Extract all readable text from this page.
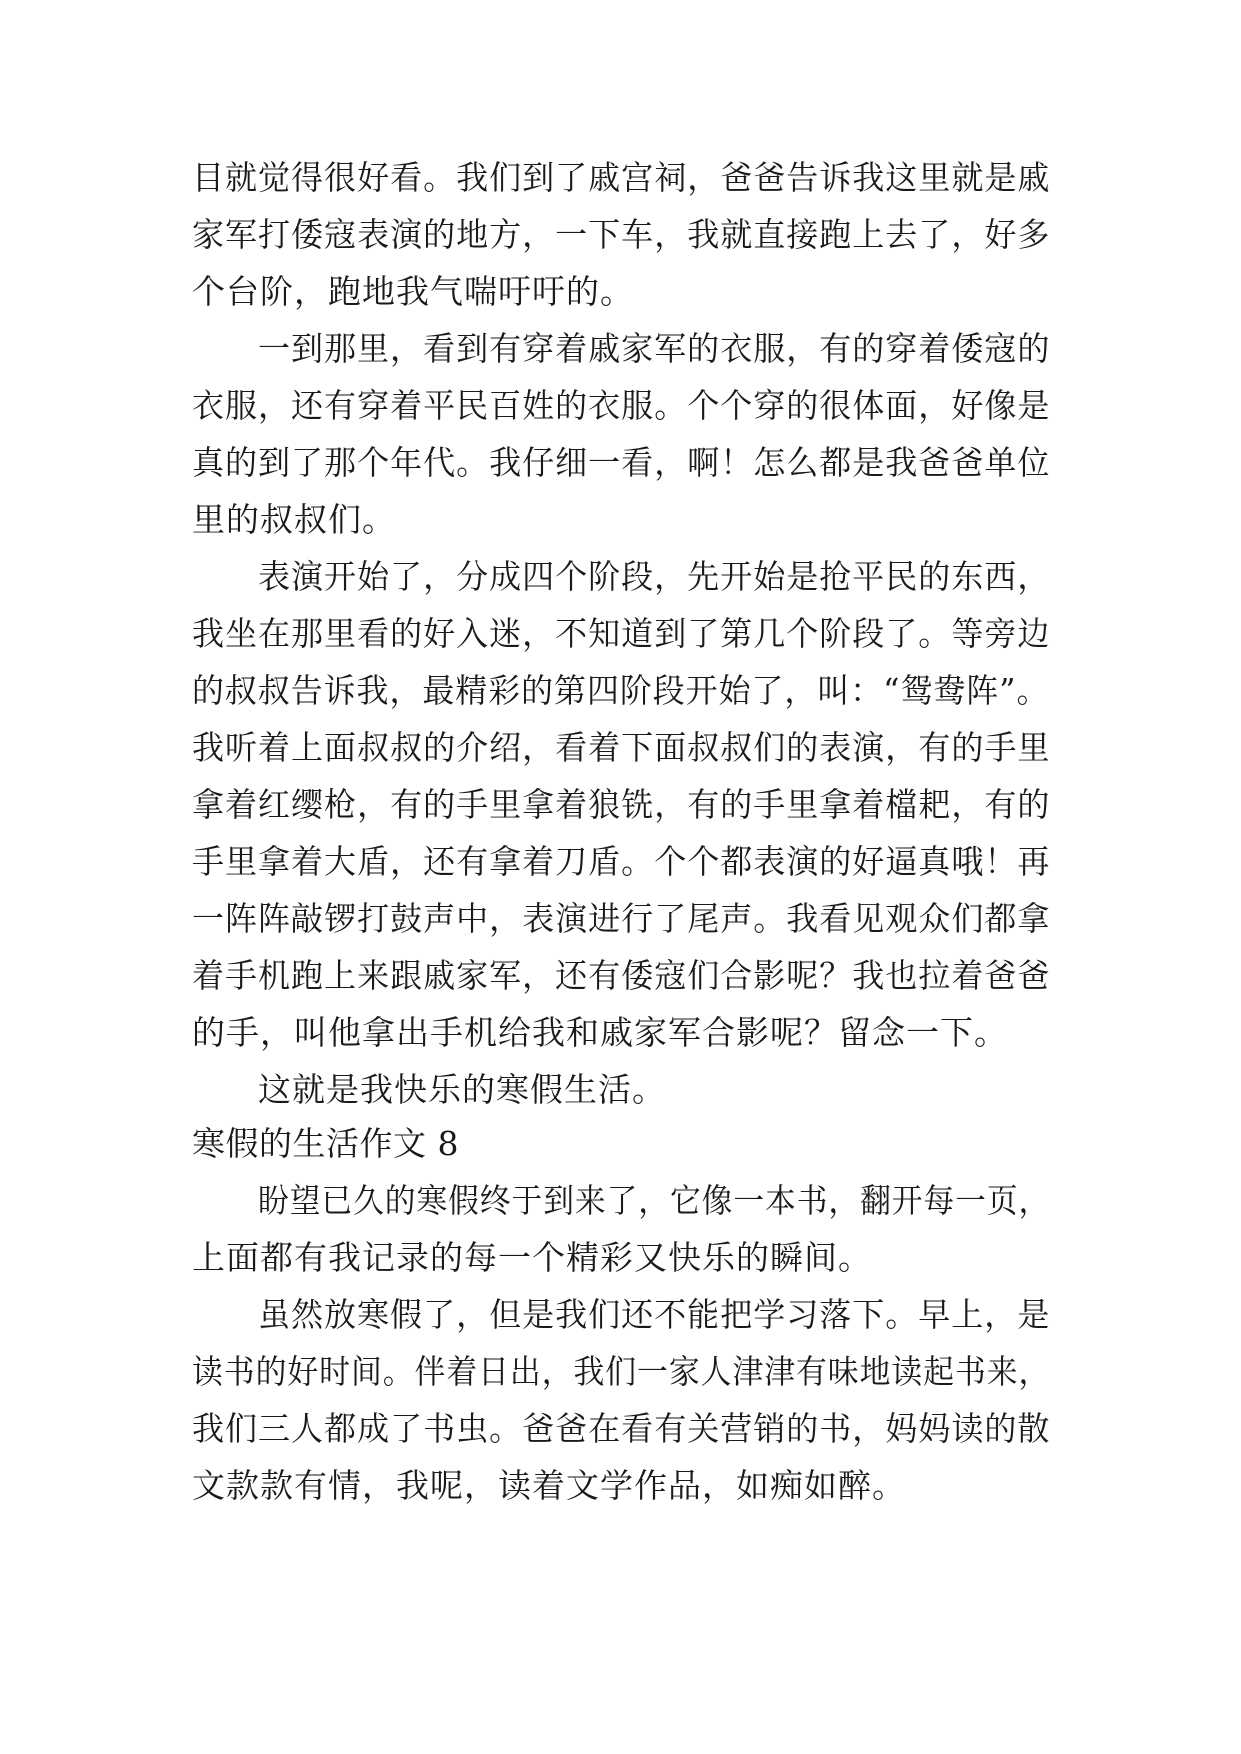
目就觉得很好看。我们到了戚宫祠，爸爸告诉我这里就是戚
家军打倭寇表演的地方，一下车，我就直接跑上去了，好多
个台阶，跑地我气喘吁吁的。
一到那里，看到有穿着戚家军的衣服，有的穿着倭寇的
衣服，还有穿着平民百姓的衣服。个个穿的很体面，好像是
真的到了那个年代。我仔细一看，啊！怎么都是我爸爸单位
里的叔叔们。
表演开始了，分成四个阶段，先开始是抢平民的东西，
我坐在那里看的好入迷，不知道到了第几个阶段了。等旁边
的叔叔告诉我，最精彩的第四阶段开始了，叫：“鸳鸯阵”。
我听着上面叔叔的介绍，看着下面叔叔们的表演，有的手里
拿着红缨枪，有的手里拿着狼铣，有的手里拿着檔耙，有的
手里拿着大盾，还有拿着刀盾。个个都表演的好逼真哦！再
一阵阵敲锣打鼓声中，表演进行了尾声。我看见观众们都拿
着手机跑上来跟戚家军，还有倭寇们合影呢？我也拉着爸爸
的手，叫他拿出手机给我和戚家军合影呢？留念一下。
这就是我快乐的寒假生活。
寒假的生活作文 8
盼望已久的寒假终于到来了，它像一本书，翻开每一页，
上面都有我记录的每一个精彩又快乐的瞬间。
虽然放寒假了，但是我们还不能把学习落下。早上，是
读书的好时间。伴着日出，我们一家人津津有味地读起书来，
我们三人都成了书虫。爸爸在看有关营销的书，妈妈读的散
文款款有情，我呢，读着文学作品，如痴如醉。
